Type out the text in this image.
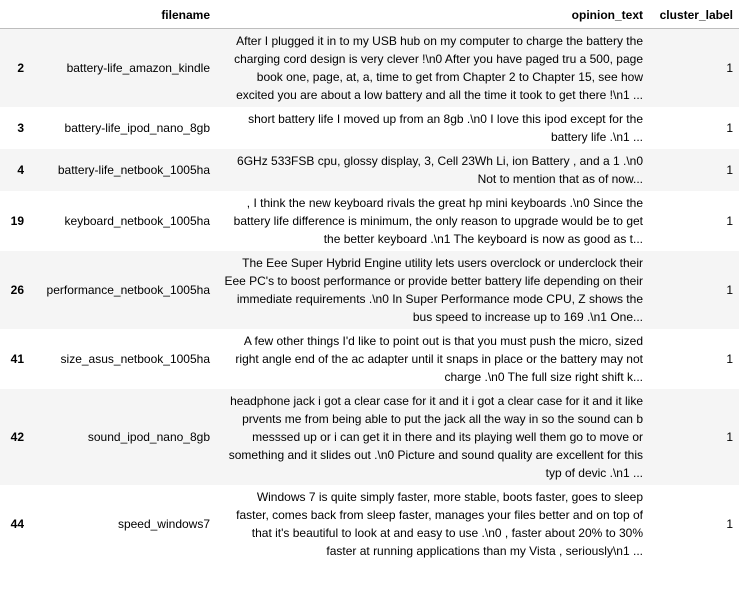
	filename	opinion_text	cluster_label
2	battery-life_amazon_kindle	After I plugged it in to my USB hub on my computer to charge the battery the charging cord design is very clever !\n0 After you have paged tru a 500, page book one, page, at, a, time to get from Chapter 2 to Chapter 15, see how excited you are about a low battery and all the time it took to get there !\n1 ...	1
3	battery-life_ipod_nano_8gb	short battery life I moved up from an 8gb .\n0 I love this ipod except for the battery life .\n1 ...	1
4	battery-life_netbook_1005ha	6GHz 533FSB cpu, glossy display, 3, Cell 23Wh Li, ion Battery , and a 1 .\n0 Not to mention that as of now...	1
19	keyboard_netbook_1005ha	, I think the new keyboard rivals the great hp mini keyboards .\n0 Since the battery life difference is minimum, the only reason to upgrade would be to get the better keyboard .\n1 The keyboard is now as good as t...	1
26	performance_netbook_1005ha	The Eee Super Hybrid Engine utility lets users overclock or underclock their Eee PC's to boost performance or provide better battery life depending on their immediate requirements .\n0 In Super Performance mode CPU, Z shows the bus speed to increase up to 169 .\n1 One...	1
41	size_asus_netbook_1005ha	A few other things I'd like to point out is that you must push the micro, sized right angle end of the ac adapter until it snaps in place or the battery may not charge .\n0 The full size right shift k...	1
42	sound_ipod_nano_8gb	headphone jack i got a clear case for it and it i got a clear case for it and it like prvents me from being able to put the jack all the way in so the sound can b messsed up or i can get it in there and its playing well them go to move or something and it slides out .\n0 Picture and sound quality are excellent for this typ of devic .\n1 ...	1
44	speed_windows7	Windows 7 is quite simply faster, more stable, boots faster, goes to sleep faster, comes back from sleep faster, manages your files better and on top of that it's beautiful to look at and easy to use .\n0 , faster about 20% to 30% faster at running applications than my Vista , seriously\n1 ...	1
